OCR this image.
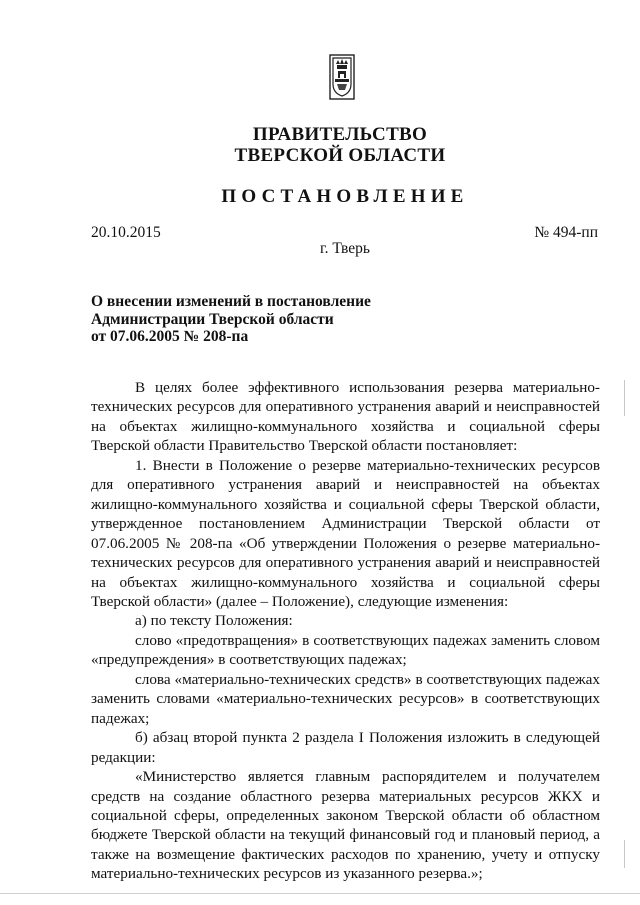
ПРАВИТЕЛЬСТВО
ТВЕРСКОЙ ОБЛАСТИ
ПОСТАНОВЛЕНИЕ
20.10.2015	№ 494-пп
г. Тверь
О внесении изменений в постановление
Администрации Тверской области
от 07.06.2005 № 208-па

В целях более эффективного использования резерва материально-технических ресурсов для оперативного устранения аварий и неисправностей на объектах жилищно-коммунального хозяйства и социальной сферы Тверской области Правительство Тверской области постановляет:

1. Внести в Положение о резерве материально-технических ресурсов для оперативного устранения аварий и неисправностей на объектах жилищно-коммунального хозяйства и социальной сферы Тверской области, утвержденное постановлением Администрации Тверской области от 07.06.2005 № 208-па «Об утверждении Положения о резерве материально-технических ресурсов для оперативного устранения аварий и неисправностей на объектах жилищно-коммунального хозяйства и социальной сферы Тверской области» (далее – Положение), следующие изменения:

а) по тексту Положения:

слово «предотвращения» в соответствующих падежах заменить словом «предупреждения» в соответствующих падежах;

слова «материально-технических средств» в соответствующих падежах заменить словами «материально-технических ресурсов» в соответствующих падежах;

б) абзац второй пункта 2 раздела I Положения изложить в следующей редакции:

«Министерство является главным распорядителем и получателем средств на создание областного резерва материальных ресурсов ЖКХ и социальной сферы, определенных законом Тверской области об областном бюджете Тверской области на текущий финансовый год и плановый период, а также на возмещение фактических расходов по хранению, учету и отпуску материально-технических ресурсов из указанного резерва.»;
